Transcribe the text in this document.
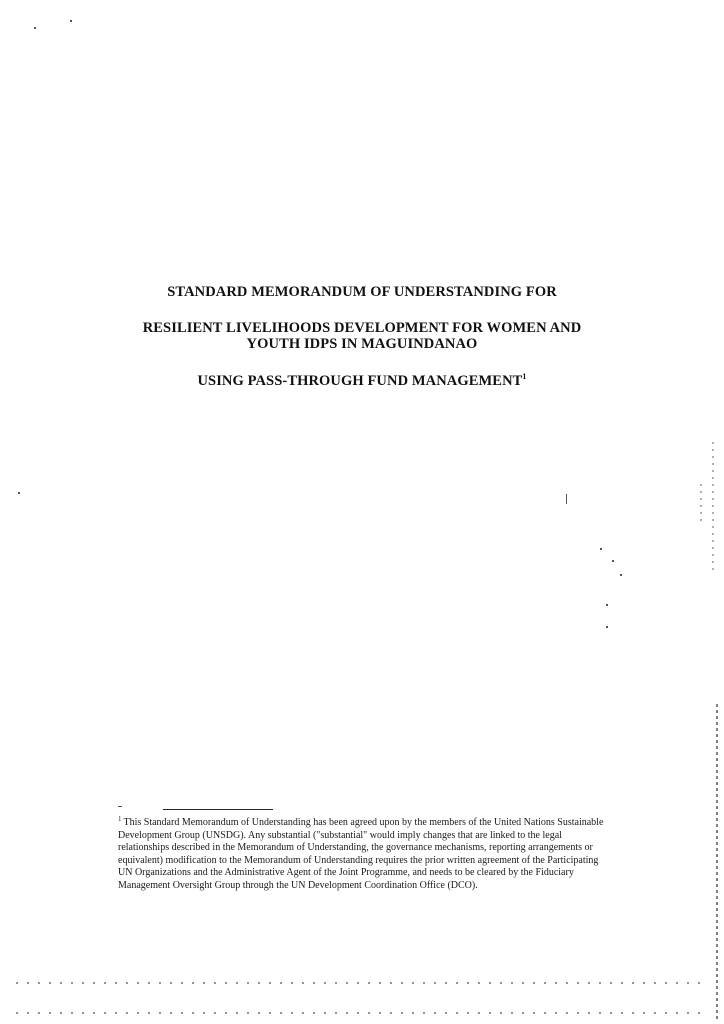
STANDARD MEMORANDUM OF UNDERSTANDING FOR
RESILIENT LIVELIHOODS DEVELOPMENT FOR WOMEN AND
YOUTH IDPS IN MAGUINDANAO
USING PASS-THROUGH FUND MANAGEMENT$^1$
$^1$ This Standard Memorandum of Understanding has been agreed upon by the members of the United Nations Sustainable Development Group (UNSDG). Any substantial ("substantial" would imply changes that are linked to the legal relationships described in the Memorandum of Understanding, the governance mechanisms, reporting arrangements or equivalent) modification to the Memorandum of Understanding requires the prior written agreement of the Participating UN Organizations and the Administrative Agent of the Joint Programme, and needs to be cleared by the Fiduciary Management Oversight Group through the UN Development Coordination Office (DCO).
